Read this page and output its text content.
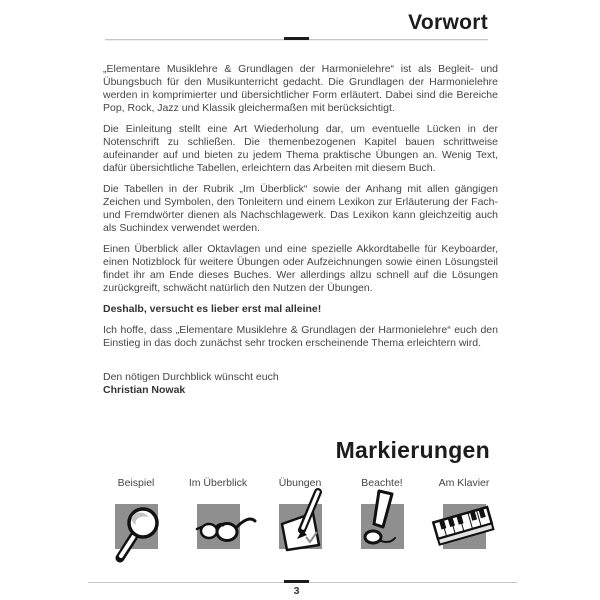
Vorwort

„Elementare Musiklehre & Grundlagen der Harmonielehre“ ist als Begleit- und Übungsbuch für den Musikunterricht gedacht. Die Grundlagen der Harmonielehre werden in komprimierter und übersichtlicher Form erläutert. Dabei sind die Bereiche Pop, Rock, Jazz und Klassik gleichermaßen mit berücksichtigt.

Die Einleitung stellt eine Art Wiederholung dar, um eventuelle Lücken in der Notenschrift zu schließen. Die themenbezogenen Kapitel bauen schrittweise aufeinander auf und bieten zu jedem Thema praktische Übungen an. Wenig Text, dafür übersichtliche Tabellen, erleichtern das Arbeiten mit diesem Buch.

Die Tabellen in der Rubrik „Im Überblick“ sowie der Anhang mit allen gängigen Zeichen und Symbolen, den Tonleitern und einem Lexikon zur Erläuterung der Fach- und Fremdwörter dienen als Nachschlagewerk. Das Lexikon kann gleichzeitig auch als Suchindex verwendet werden.

Einen Überblick aller Oktavlagen und eine spezielle Akkordtabelle für Keyboarder, einen Notizblock für weitere Übungen oder Aufzeichnungen sowie einen Lösungsteil findet ihr am Ende dieses Buches. Wer allerdings allzu schnell auf die Lösungen zurückgreift, schwächt natürlich den Nutzen der Übungen.

Deshalb, versucht es lieber erst mal alleine!

Ich hoffe, dass „Elementare Musiklehre & Grundlagen der Harmonielehre“ euch den Einstieg in das doch zunächst sehr trocken erscheinende Thema erleichtern wird.

Den nötigen Durchblick wünscht euch

Christian Nowak

Markierungen
Beispiel	Im Überblick	Übungen	Beachte!	Am Klavier
3
